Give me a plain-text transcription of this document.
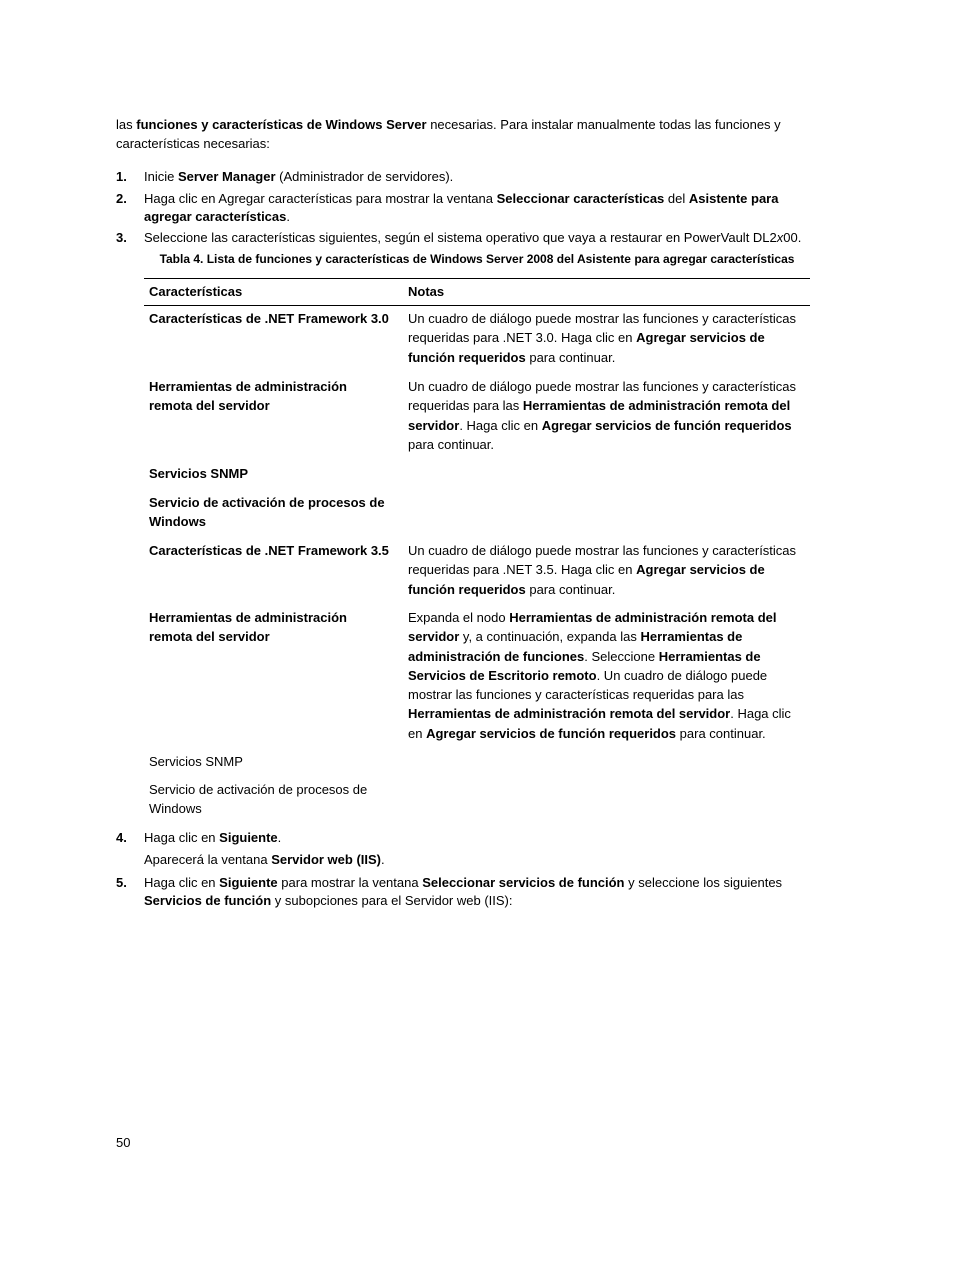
las funciones y características de Windows Server necesarias. Para instalar manualmente todas las funciones y características necesarias:
1. Inicie Server Manager (Administrador de servidores).
2. Haga clic en Agregar características para mostrar la ventana Seleccionar características del Asistente para agregar características.
3. Seleccione las características siguientes, según el sistema operativo que vaya a restaurar en PowerVault DL2x00.
Tabla 4. Lista de funciones y características de Windows Server 2008 del Asistente para agregar características
Características	Notas
Características de .NET Framework 3.0 Un cuadro de diálogo puede mostrar las funciones y características requeridas para .NET 3.0. Haga clic en Agregar servicios de función requeridos para continuar.
Herramientas de administración remota del servidor
Un cuadro de diálogo puede mostrar las funciones y características requeridas para las Herramientas de administración remota del servidor. Haga clic en Agregar servicios de función requeridos para continuar.
Servicios SNMP
Servicio de activación de procesos de Windows
Características de .NET Framework 3.5 Un cuadro de diálogo puede mostrar las funciones y características requeridas para .NET 3.5. Haga clic en Agregar servicios de función requeridos para continuar.
Herramientas de administración remota del servidor
Expanda el nodo Herramientas de administración remota del servidor y, a continuación, expanda las Herramientas de administración de funciones. Seleccione Herramientas de Servicios de Escritorio remoto. Un cuadro de diálogo puede mostrar las funciones y características requeridas para las Herramientas de administración remota del servidor. Haga clic en Agregar servicios de función requeridos para continuar.
Servicios SNMP
Servicio de activación de procesos de Windows
4. Haga clic en Siguiente.
Aparecerá la ventana Servidor web (IIS).
5. Haga clic en Siguiente para mostrar la ventana Seleccionar servicios de función y seleccione los siguientes Servicios de función y subopciones para el Servidor web (IIS):
50
